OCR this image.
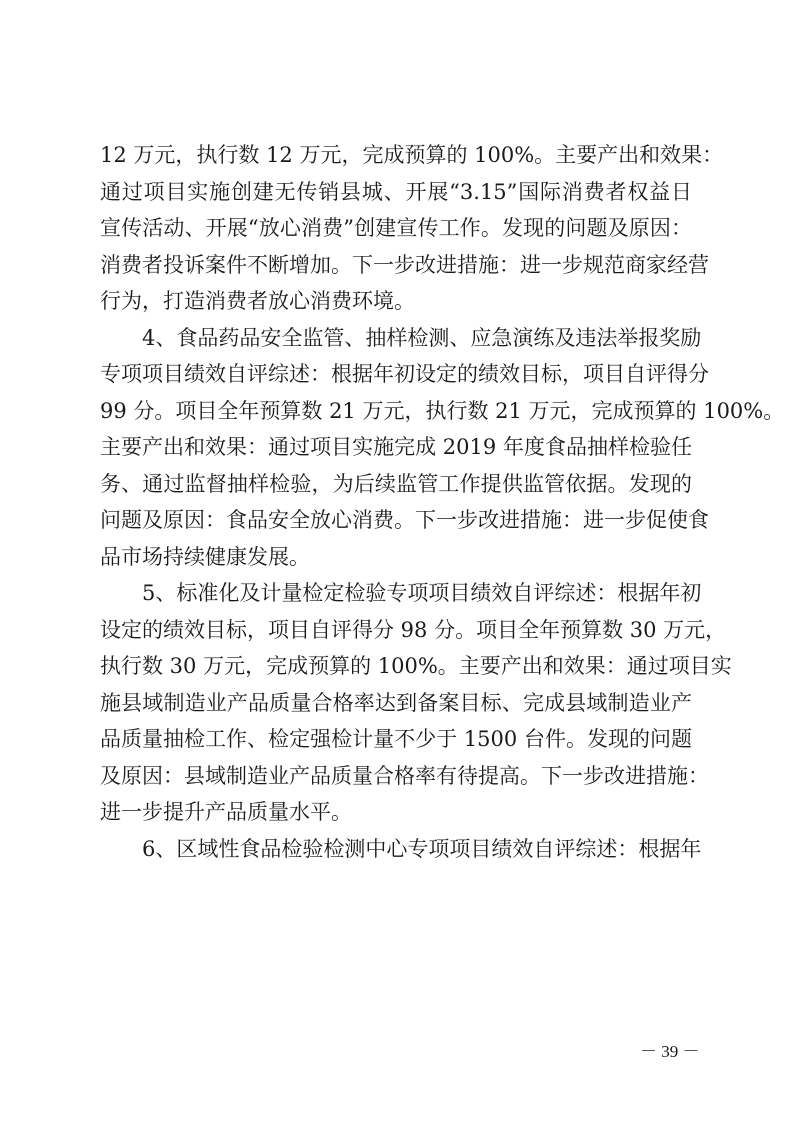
12 万元，执行数 12 万元，完成预算的 100%。主要产出和效果：
通过项目实施创建无传销县城、开展“3.15”国际消费者权益日
宣传活动、开展“放心消费”创建宣传工作。发现的问题及原因：
消费者投诉案件不断增加。下一步改进措施：进一步规范商家经营
行为，打造消费者放心消费环境。
4、食品药品安全监管、抽样检测、应急演练及违法举报奖励
专项项目绩效自评综述：根据年初设定的绩效目标，项目自评得分
99 分。项目全年预算数 21 万元，执行数 21 万元，完成预算的 100%。
主要产出和效果：通过项目实施完成 2019 年度食品抽样检验任
务、通过监督抽样检验，为后续监管工作提供监管依据。发现的
问题及原因：食品安全放心消费。下一步改进措施：进一步促使食
品市场持续健康发展。
5、标准化及计量检定检验专项项目绩效自评综述：根据年初
设定的绩效目标，项目自评得分 98 分。项目全年预算数 30 万元，
执行数 30 万元，完成预算的 100%。主要产出和效果：通过项目实
施县域制造业产品质量合格率达到备案目标、完成县域制造业产
品质量抽检工作、检定强检计量不少于 1500 台件。发现的问题
及原因：县域制造业产品质量合格率有待提高。下一步改进措施：
进一步提升产品质量水平。
6、区域性食品检验检测中心专项项目绩效自评综述：根据年
－ 39 －
